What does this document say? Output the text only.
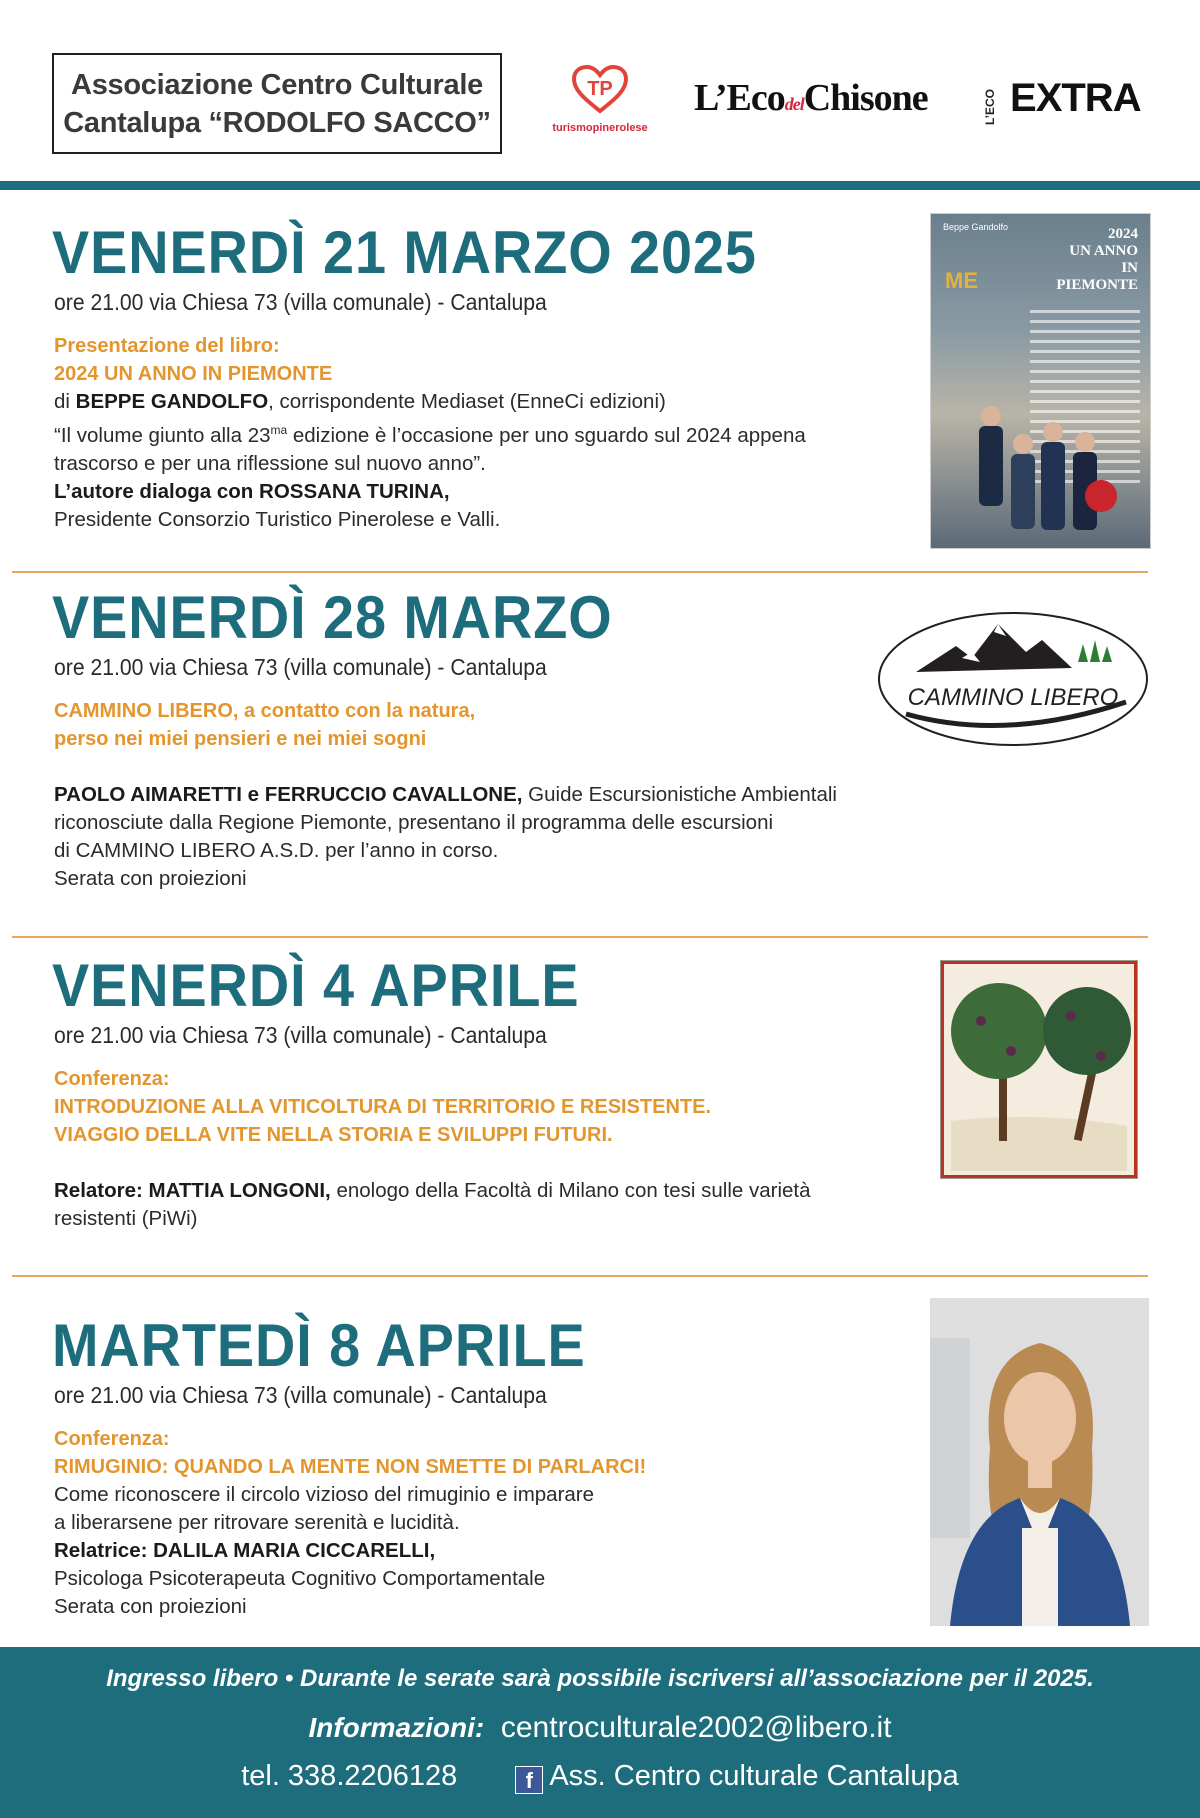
Associazione Centro Culturale
Cantalupa “RODOLFO SACCO”
TP
turismopinerolese
L’EcodelChisone	L’ECO EXTRA
VENERDÌ 21 MARZO 2025
ore 21.00 via Chiesa 73 (villa comunale) - Cantalupa
Presentazione del libro:
2024 UN ANNO IN PIEMONTE
di BEPPE GANDOLFO, corrispondente Mediaset (EnneCi edizioni)
“Il volume giunto alla $23^{ma}$ edizione è l’occasione per uno sguardo sul 2024 appena
trascorso e per una riflessione sul nuovo anno”.
L’autore dialoga con ROSSANA TURINA,
Presidente Consorzio Turistico Pinerolese e Valli.
Beppe Gandolfo	2024
UN ANNO
IN
PIEMONTE
ME
VENERDÌ 28 MARZO
ore 21.00 via Chiesa 73 (villa comunale) - Cantalupa
CAMMINO LIBERO, a contatto con la natura,
perso nei miei pensieri e nei miei sogni
PAOLO AIMARETTI e FERRUCCIO CAVALLONE, Guide Escursionistiche Ambientali
riconosciute dalla Regione Piemonte, presentano il programma delle escursioni
di CAMMINO LIBERO A.S.D. per l’anno in corso.
Serata con proiezioni
CAMMINO LIBERO
VENERDÌ 4 APRILE
ore 21.00 via Chiesa 73 (villa comunale) - Cantalupa
Conferenza:
INTRODUZIONE ALLA VITICOLTURA DI TERRITORIO E RESISTENTE.
VIAGGIO DELLA VITE NELLA STORIA E SVILUPPI FUTURI.
Relatore: MATTIA LONGONI, enologo della Facoltà di Milano con tesi sulle varietà
resistenti (PiWi)
MARTEDÌ 8 APRILE
ore 21.00 via Chiesa 73 (villa comunale) - Cantalupa
Conferenza:
RIMUGINIO: QUANDO LA MENTE NON SMETTE DI PARLARCI!
Come riconoscere il circolo vizioso del rimuginio e imparare
a liberarsene per ritrovare serenità e lucidità.
Relatrice: DALILA MARIA CICCARELLI,
Psicologa Psicoterapeuta Cognitivo Comportamentale
Serata con proiezioni
Ingresso libero • Durante le serate sarà possibile iscriversi all’associazione per il 2025.
Informazioni: centroculturale2002@libero.it
tel. 338.2206128	f Ass. Centro culturale Cantalupa
